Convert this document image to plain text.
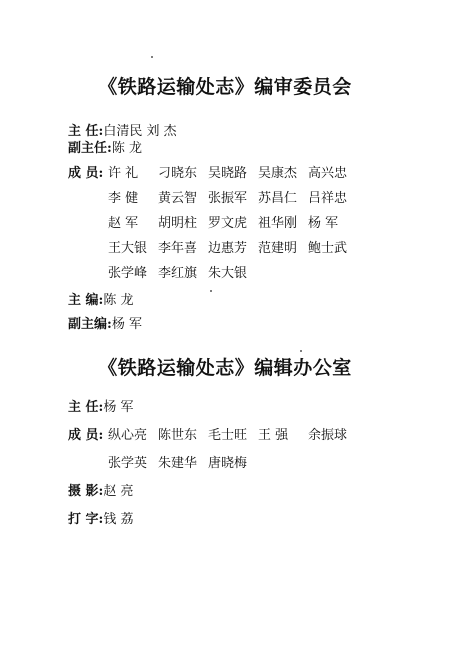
《铁路运输处志》编审委员会
主 任:白清民 刘 杰
副主任:陈 龙
成 员: 许 礼 刁晓东 吴晓路 吴康杰 高兴忠
李 健 黄云智 张振军 苏昌仁 吕祥忠
赵 军 胡明柱 罗文虎 祖华刚 杨 军
王大银 李年喜 边惠芳 范建明 鲍士武
张学峰 李红旗 朱大银
主 编:陈 龙
副主编:杨 军
《铁路运输处志》编辑办公室
主 任:杨 军
成 员: 纵心亮 陈世东 毛士旺 王 强 余振球
张学英 朱建华 唐晓梅
摄 影:赵 亮
打 字:钱 荔
